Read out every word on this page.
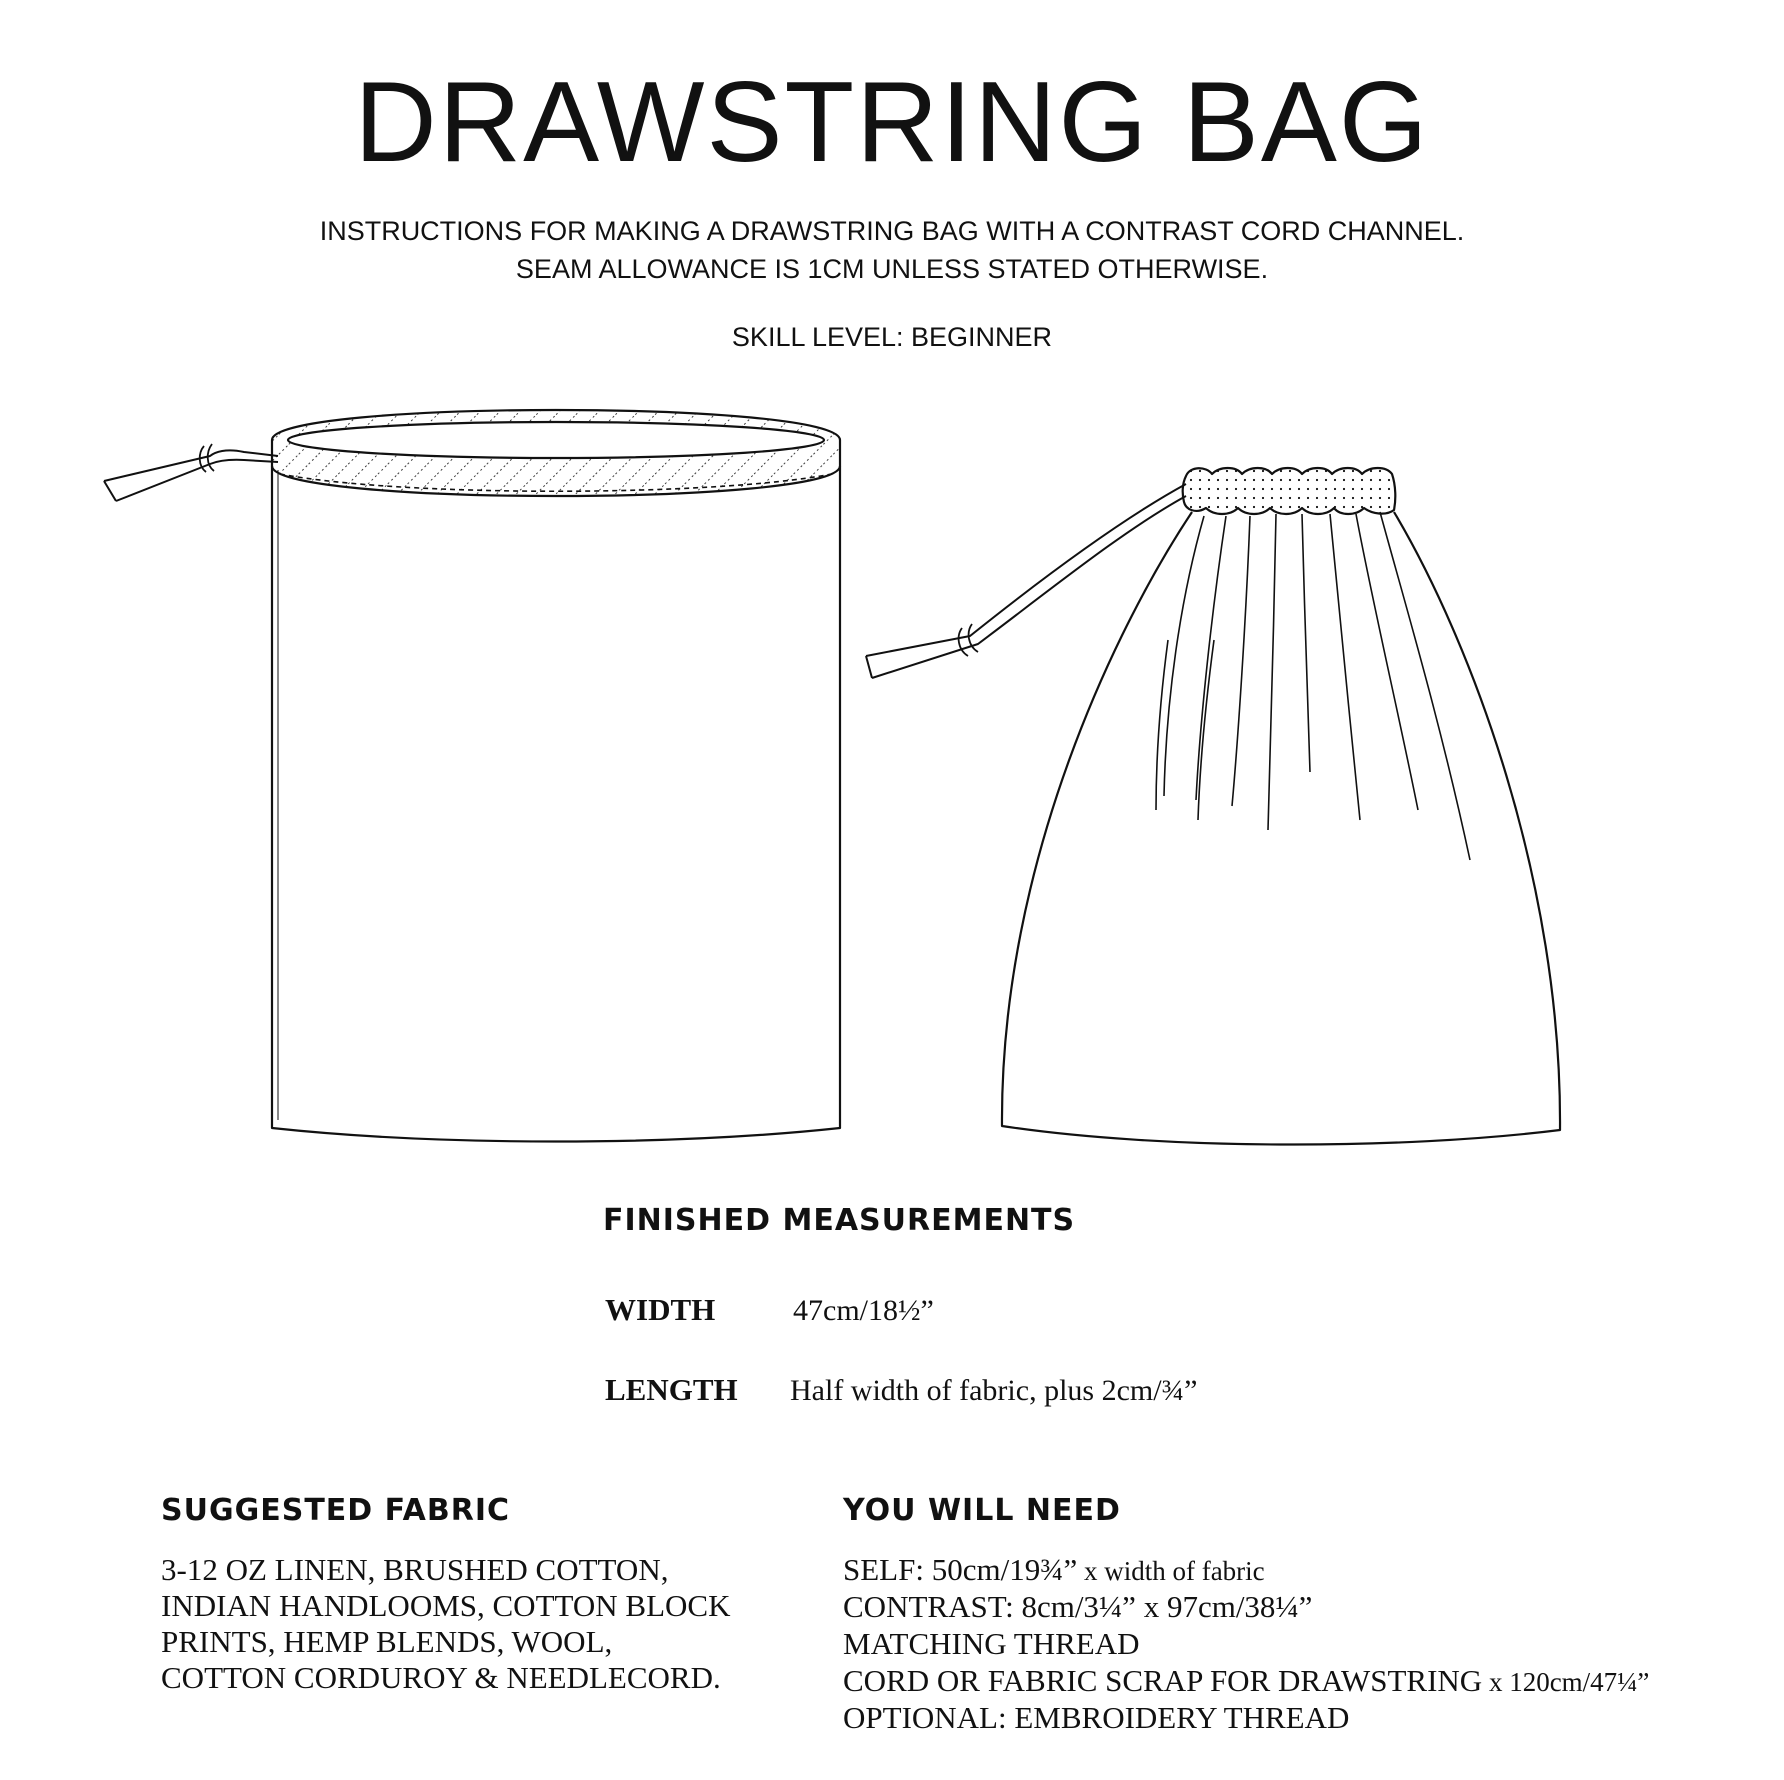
DRAWSTRING BAG
INSTRUCTIONS FOR MAKING A DRAWSTRING BAG WITH A CONTRAST CORD CHANNEL.
SEAM ALLOWANCE IS 1CM UNLESS STATED OTHERWISE.
SKILL LEVEL: BEGINNER
FINISHED MEASUREMENTS
WIDTH	47cm/18½”
LENGTH Half width of fabric, plus 2cm/¾”
SUGGESTED FABRIC
3-12 OZ LINEN, BRUSHED COTTON,
INDIAN HANDLOOMS, COTTON BLOCK
PRINTS, HEMP BLENDS, WOOL,
COTTON CORDUROY & NEEDLECORD.
YOU WILL NEED
SELF: 50cm/19¾” x width of fabric
CONTRAST: 8cm/3¼” x 97cm/38¼”
MATCHING THREAD
CORD OR FABRIC SCRAP FOR DRAWSTRING x 120cm/47¼”
OPTIONAL: EMBROIDERY THREAD
